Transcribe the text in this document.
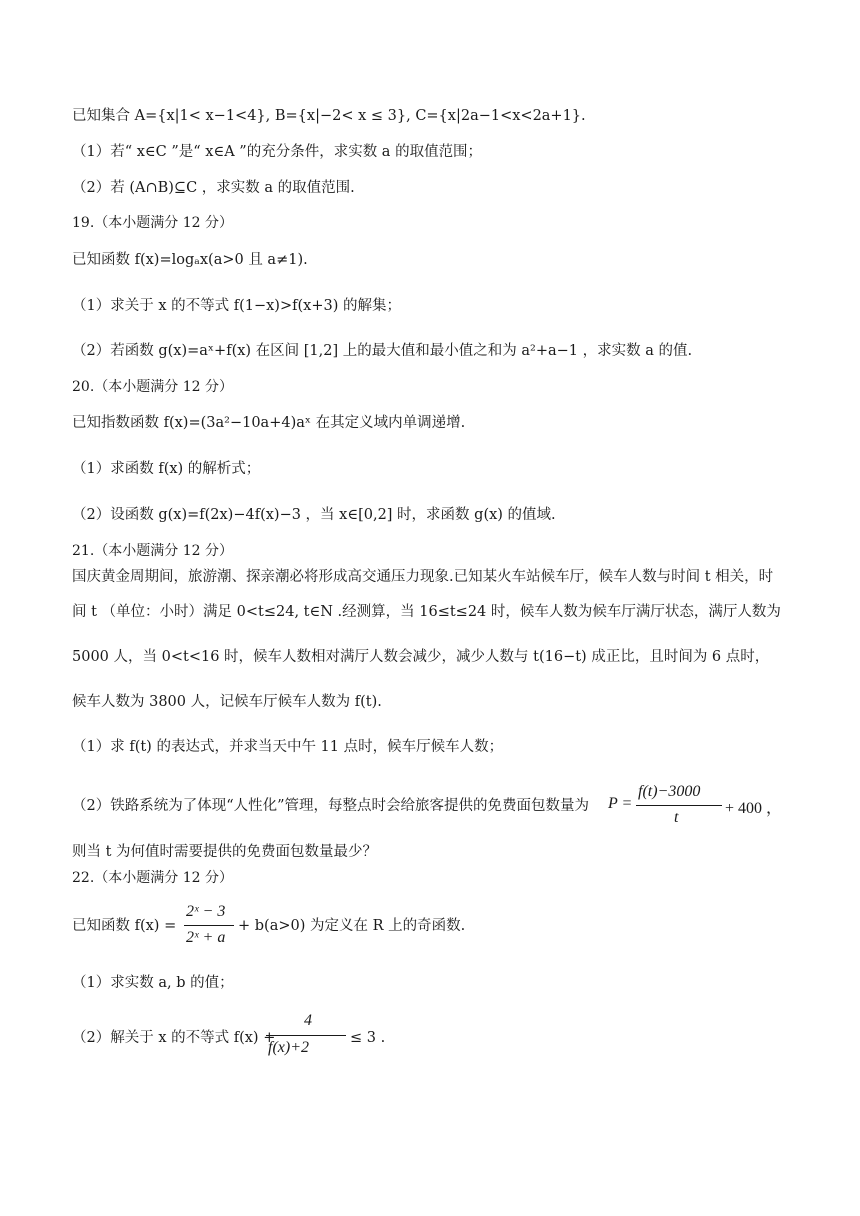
已知集合 A={x|1< x−1<4}, B={x|−2< x ≤ 3}, C={x|2a−1<x<2a+1}.
（1）若“ x∈C ”是“ x∈A ”的充分条件，求实数 a 的取值范围；
（2）若 (A∩B)⊆C ，求实数 a 的取值范围.
19.（本小题满分 12 分）
已知函数 f(x)=logₐx(a>0 且 a≠1).
（1）求关于 x 的不等式 f(1−x)>f(x+3) 的解集；
（2）若函数 g(x)=aˣ+f(x) 在区间 [1,2] 上的最大值和最小值之和为 a²+a−1 ，求实数 a 的值.
20.（本小题满分 12 分）
已知指数函数 f(x)=(3a²−10a+4)aˣ 在其定义域内单调递增.
（1）求函数 f(x) 的解析式；
（2）设函数 g(x)=f(2x)−4f(x)−3 ，当 x∈[0,2] 时，求函数 g(x) 的值域.
21.（本小题满分 12 分）
国庆黄金周期间，旅游潮、探亲潮必将形成高交通压力现象.已知某火车站候车厅，候车人数与时间 t 相关，时
间 t （单位：小时）满足 0<t≤24, t∈N .经测算，当 16≤t≤24 时，候车人数为候车厅满厅状态，满厅人数为
5000 人，当 0<t<16 时，候车人数相对满厅人数会减少，减少人数与 t(16−t) 成正比，且时间为 6 点时，
候车人数为 3800 人，记候车厅候车人数为 f(t).
（1）求 f(t) 的表达式，并求当天中午 11 点时，候车厅候车人数；
（2）铁路系统为了体现“人性化”管理，每整点时会给旅客提供的免费面包数量为 P =
f(t)−3000
t
+ 400 ，
则当 t 为何值时需要提供的免费面包数量最少？
22.（本小题满分 12 分）
已知函数 f(x) =
2ˣ − 3
2ˣ + a
+ b(a>0) 为定义在 R 上的奇函数.
（1）求实数 a, b 的值；
（2）解关于 x 的不等式 f(x) +
4
f(x)+2
≤ 3 .
